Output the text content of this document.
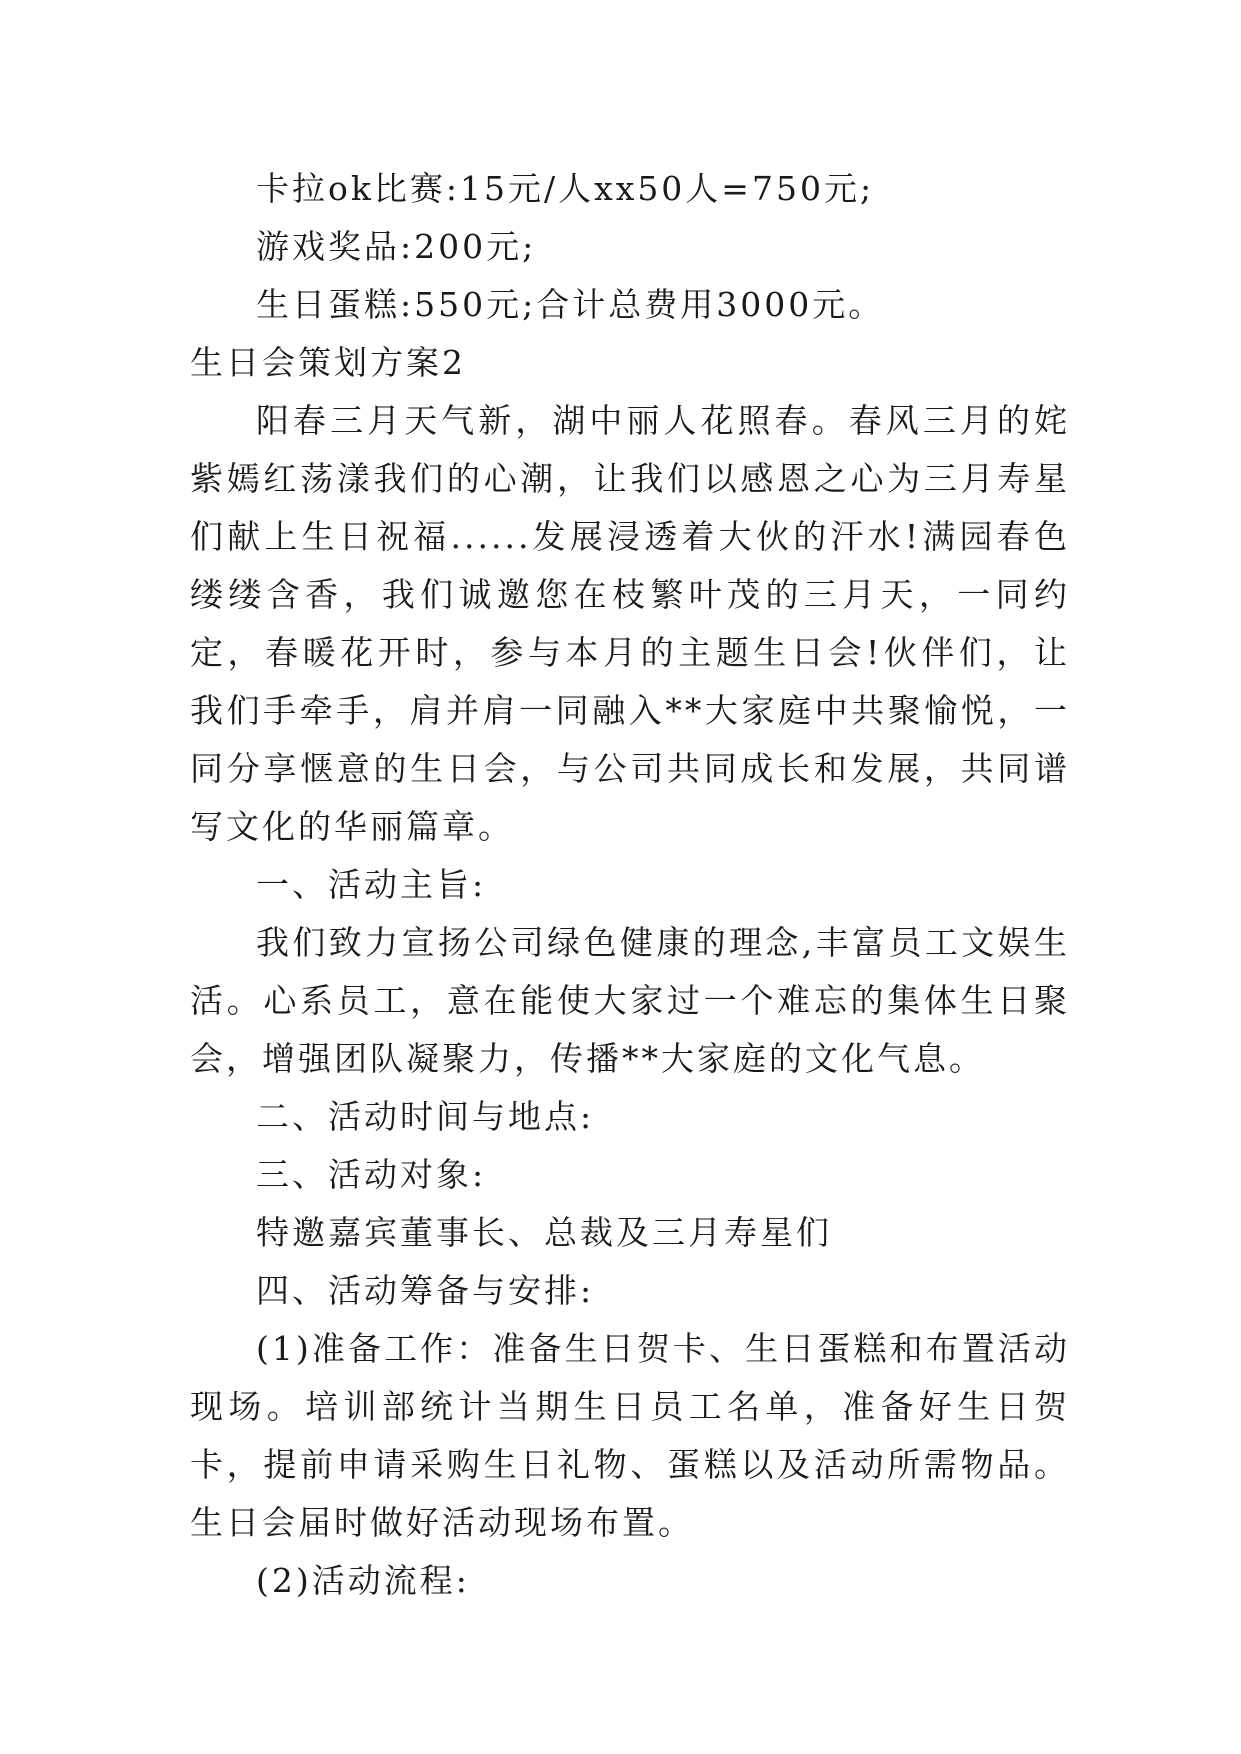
卡拉ok比赛:15元/人xx50人=750元;

游戏奖品:200元;

生日蛋糕:550元;合计总费用3000元。

生日会策划方案2

阳春三月天气新，湖中丽人花照春。春风三月的姹紫嫣红荡漾我们的心潮，让我们以感恩之心为三月寿星们献上生日祝福......发展浸透着大伙的汗水!满园春色缕缕含香，我们诚邀您在枝繁叶茂的三月天，一同约定，春暖花开时，参与本月的主题生日会!伙伴们，让我们手牵手，肩并肩一同融入**大家庭中共聚愉悦，一同分享惬意的生日会，与公司共同成长和发展，共同谱写文化的华丽篇章。

一、活动主旨:

我们致力宣扬公司绿色健康的理念,丰富员工文娱生活。心系员工，意在能使大家过一个难忘的集体生日聚会，增强团队凝聚力，传播**大家庭的文化气息。

二、活动时间与地点:

三、活动对象:

特邀嘉宾董事长、总裁及三月寿星们

四、活动筹备与安排:

(1)准备工作：准备生日贺卡、生日蛋糕和布置活动现场。培训部统计当期生日员工名单，准备好生日贺卡，提前申请采购生日礼物、蛋糕以及活动所需物品。生日会届时做好活动现场布置。

(2)活动流程:
